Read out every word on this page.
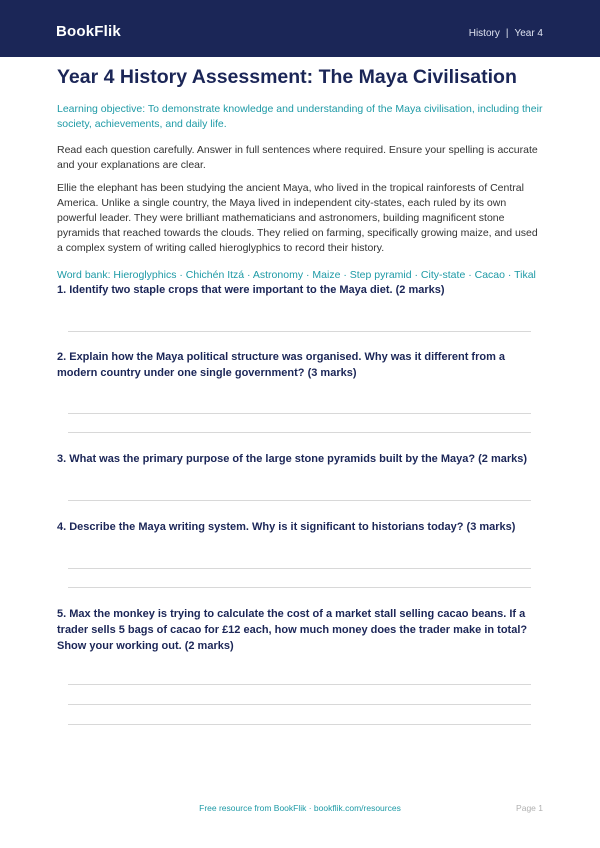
BookFlik	History | Year 4
Year 4 History Assessment: The Maya Civilisation
Learning objective: To demonstrate knowledge and understanding of the Maya civilisation, including their society, achievements, and daily life.
Read each question carefully. Answer in full sentences where required. Ensure your spelling is accurate and your explanations are clear.
Ellie the elephant has been studying the ancient Maya, who lived in the tropical rainforests of Central America. Unlike a single country, the Maya lived in independent city-states, each ruled by its own powerful leader. They were brilliant mathematicians and astronomers, building magnificent stone pyramids that reached towards the clouds. They relied on farming, specifically growing maize, and used a complex system of writing called hieroglyphics to record their history.
Word bank: Hieroglyphics · Chichén Itzá · Astronomy · Maize · Step pyramid · City-state · Cacao · Tikal
1. Identify two staple crops that were important to the Maya diet. (2 marks)
2. Explain how the Maya political structure was organised. Why was it different from a modern country under one single government? (3 marks)
3. What was the primary purpose of the large stone pyramids built by the Maya? (2 marks)
4. Describe the Maya writing system. Why is it significant to historians today? (3 marks)
5. Max the monkey is trying to calculate the cost of a market stall selling cacao beans. If a trader sells 5 bags of cacao for £12 each, how much money does the trader make in total? Show your working out. (2 marks)
Free resource from BookFlik · bookflik.com/resources	Page 1
